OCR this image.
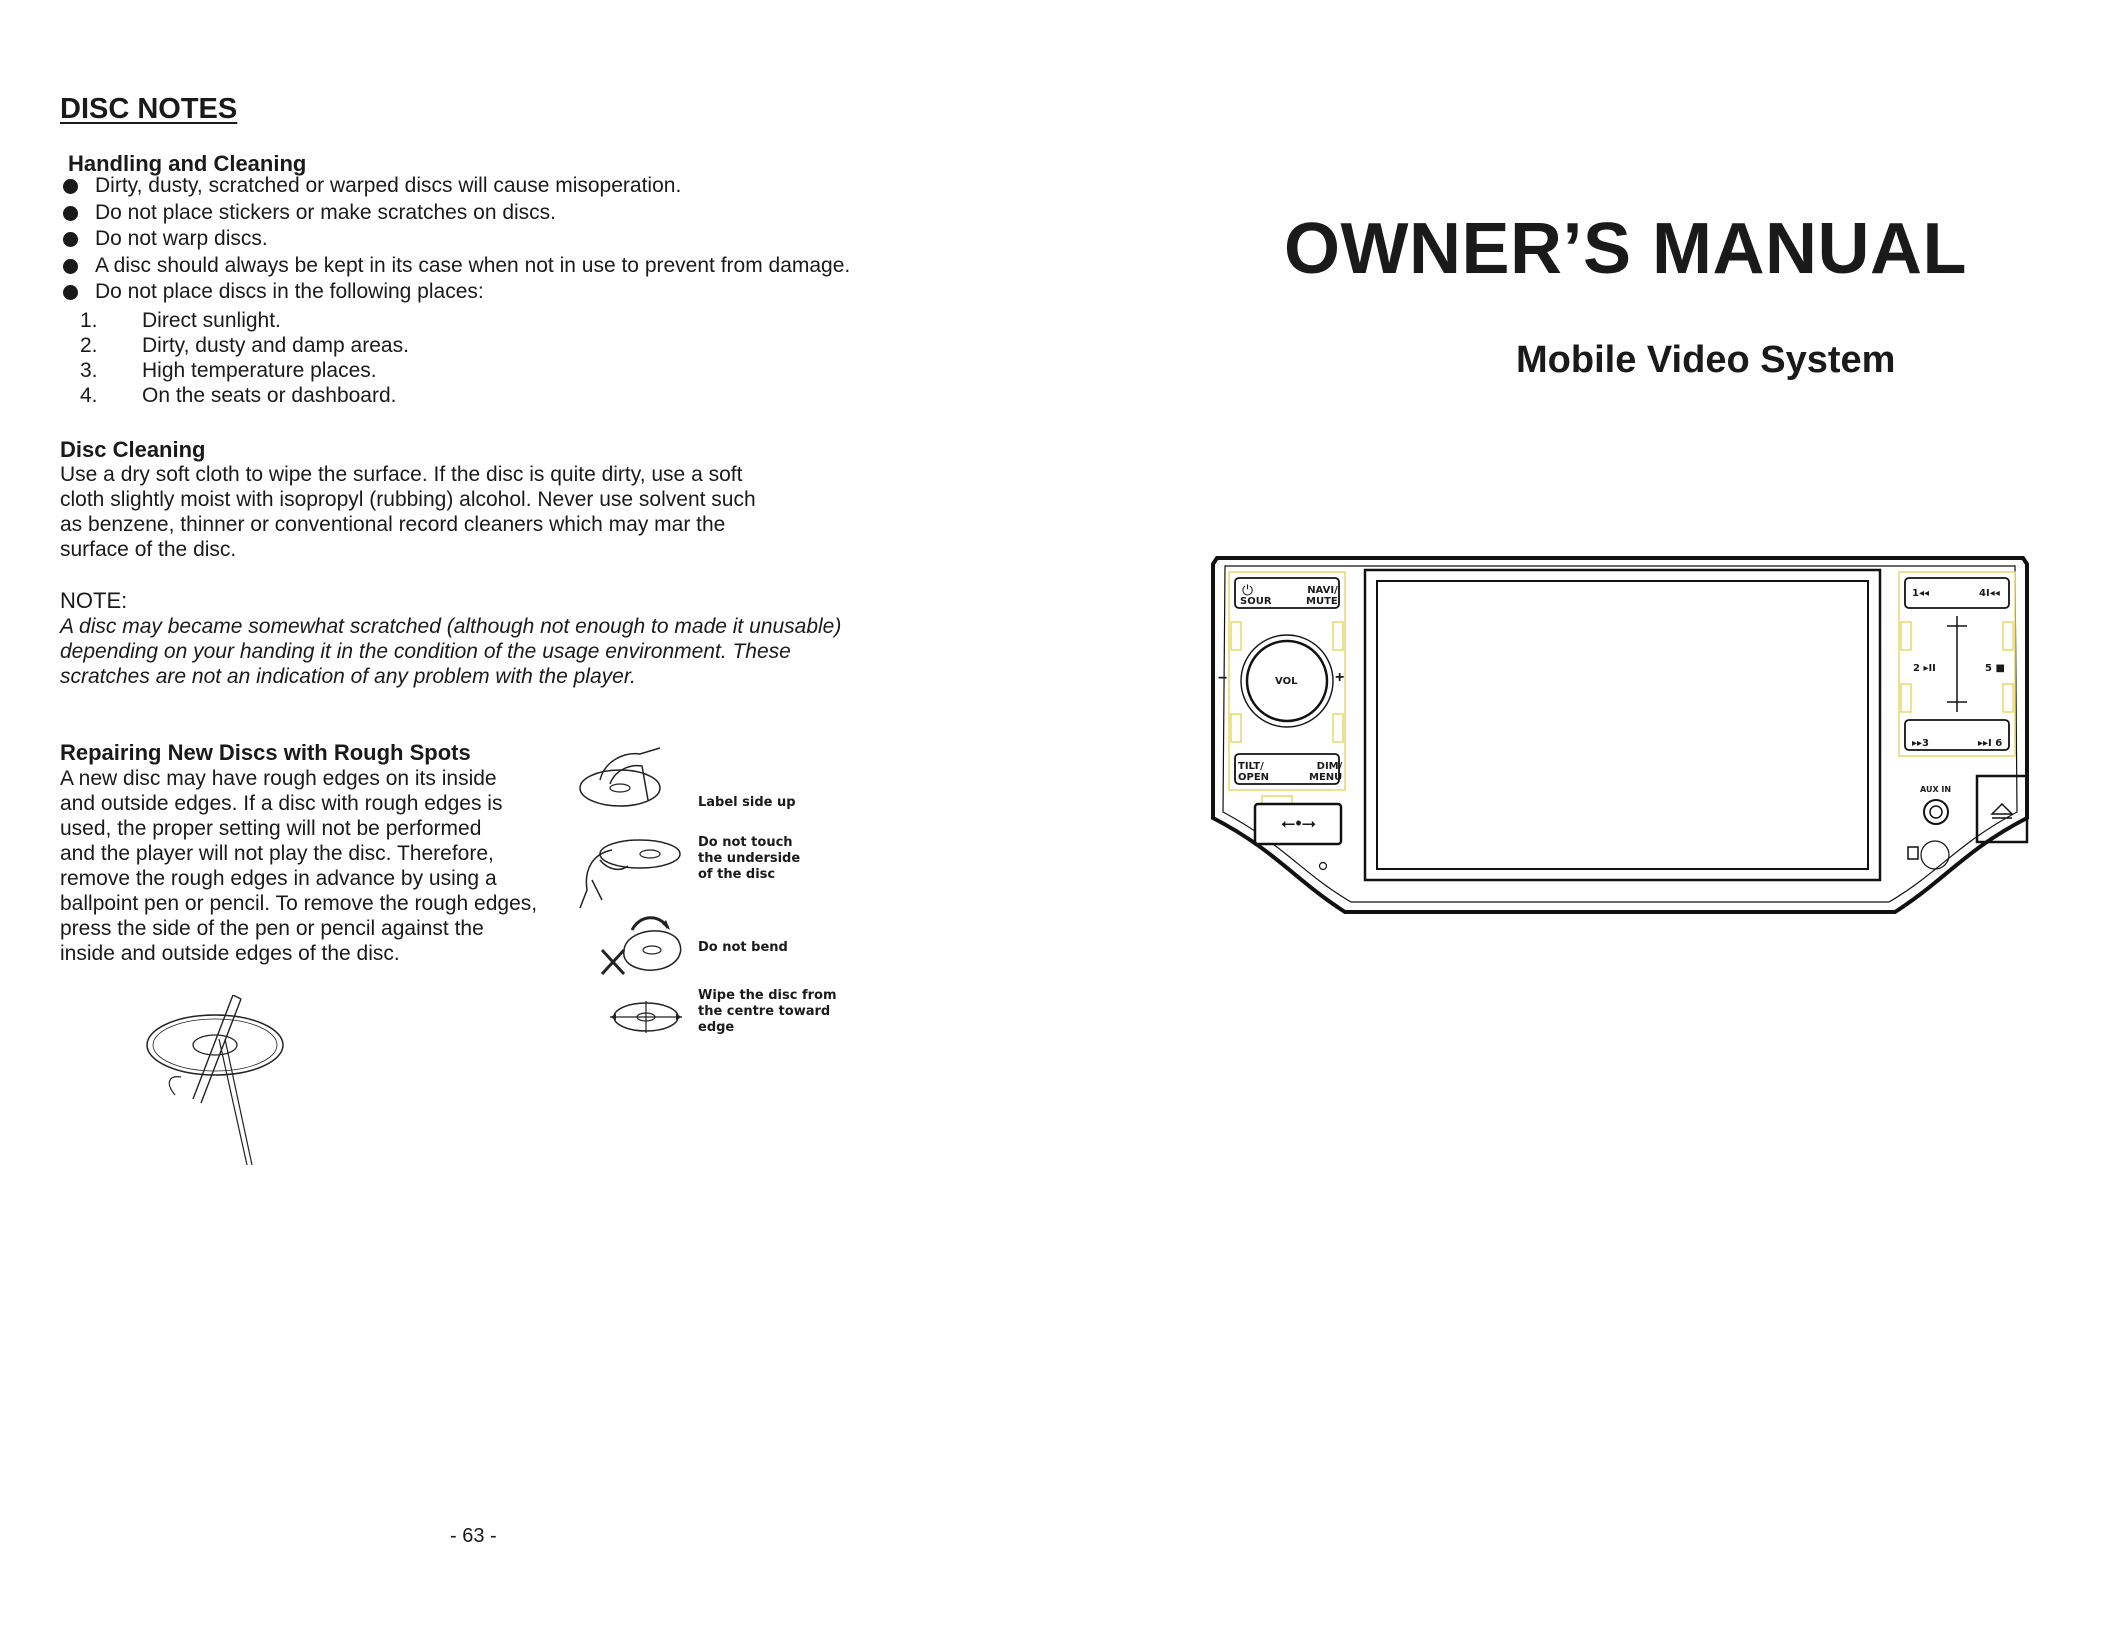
DISC NOTES
Handling and Cleaning
Dirty, dusty, scratched or warped discs will cause misoperation.
Do not place stickers or make scratches on discs.
Do not warp discs.
A disc should always be kept in its case when not in use to prevent from damage.
Do not place discs in the following places:
1. Direct sunlight.
2. Dirty, dusty and damp areas.
3. High temperature places.
4. On the seats or dashboard.
Disc Cleaning
Use a dry soft cloth to wipe the surface. If the disc is quite dirty, use a soft
cloth slightly moist with isopropyl (rubbing) alcohol. Never use solvent such
as benzene, thinner or conventional record cleaners which may mar the
surface of the disc.
NOTE:
A disc may became somewhat scratched (although not enough to made it unusable)
depending on your handing it in the condition of the usage environment. These
scratches are not an indication of any problem with the player.
Repairing New Discs with Rough Spots
A new disc may have rough edges on its inside
and outside edges. If a disc with rough edges is
used, the proper setting will not be performed
and the player will not play the disc. Therefore,
remove the rough edges in advance by using a
ballpoint pen or pencil. To remove the rough edges,
press the side of the pen or pencil against the
inside and outside edges of the disc.
Label side up
Do not touch
the underside
of the disc
Do not bend
Wipe the disc from
the centre toward
edge
- 63 -
OWNER’S MANUAL
Mobile Video System
⏻
SOUR
NAVI/
MUTE
VOL
−	+
TILT/
OPEN
DIM/
MENU
⭠•⭢
1◂◂	4I◂◂
2 ▸II	5 ■
▸▸3	▸▸I 6
AUX IN
